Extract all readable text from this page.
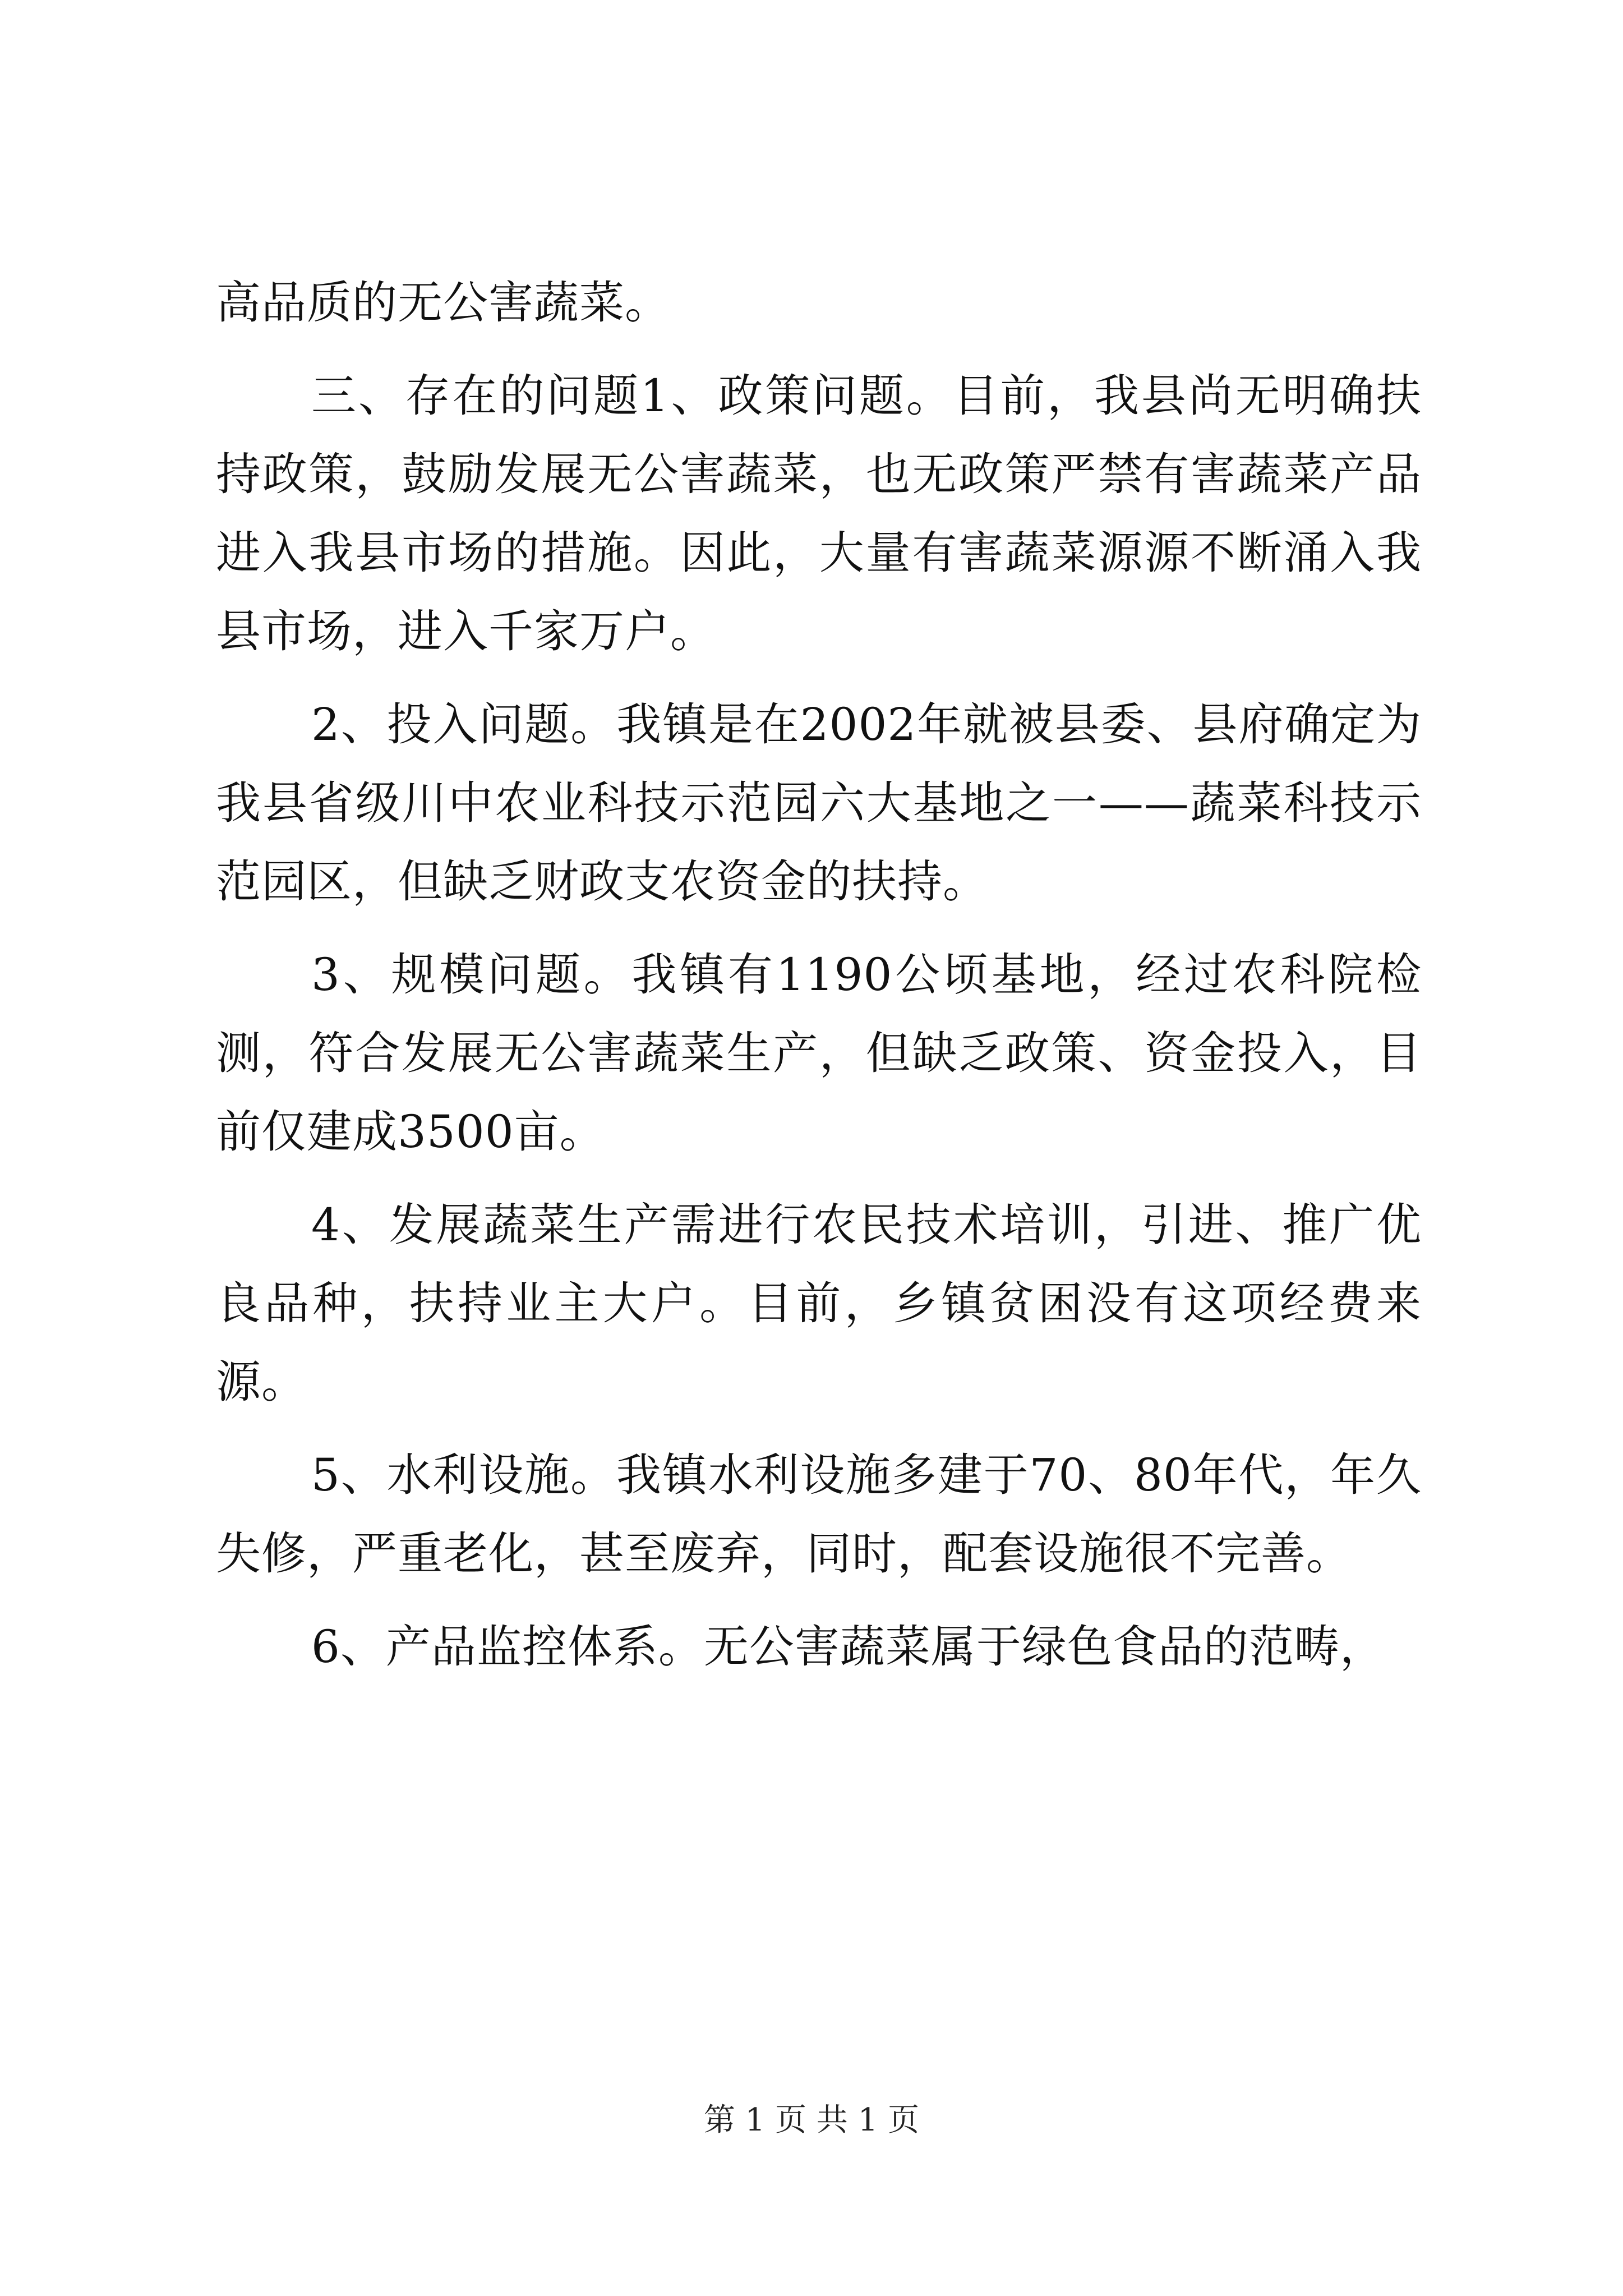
高品质的无公害蔬菜。

三、存在的问题1、政策问题。目前，我县尚无明确扶持政策，鼓励发展无公害蔬菜，也无政策严禁有害蔬菜产品进入我县市场的措施。因此，大量有害蔬菜源源不断涌入我县市场，进入千家万户。

2、投入问题。我镇是在2002年就被县委、县府确定为我县省级川中农业科技示范园六大基地之一——蔬菜科技示范园区，但缺乏财政支农资金的扶持。

3、规模问题。我镇有1190公顷基地，经过农科院检测，符合发展无公害蔬菜生产，但缺乏政策、资金投入，目前仅建成3500亩。

4、发展蔬菜生产需进行农民技术培训，引进、推广优良品种，扶持业主大户。目前，乡镇贫困没有这项经费来源。

5、水利设施。我镇水利设施多建于70、80年代，年久失修，严重老化，甚至废弃，同时，配套设施很不完善。

6、产品监控体系。无公害蔬菜属于绿色食品的范畴，

第 1 页 共 1 页
